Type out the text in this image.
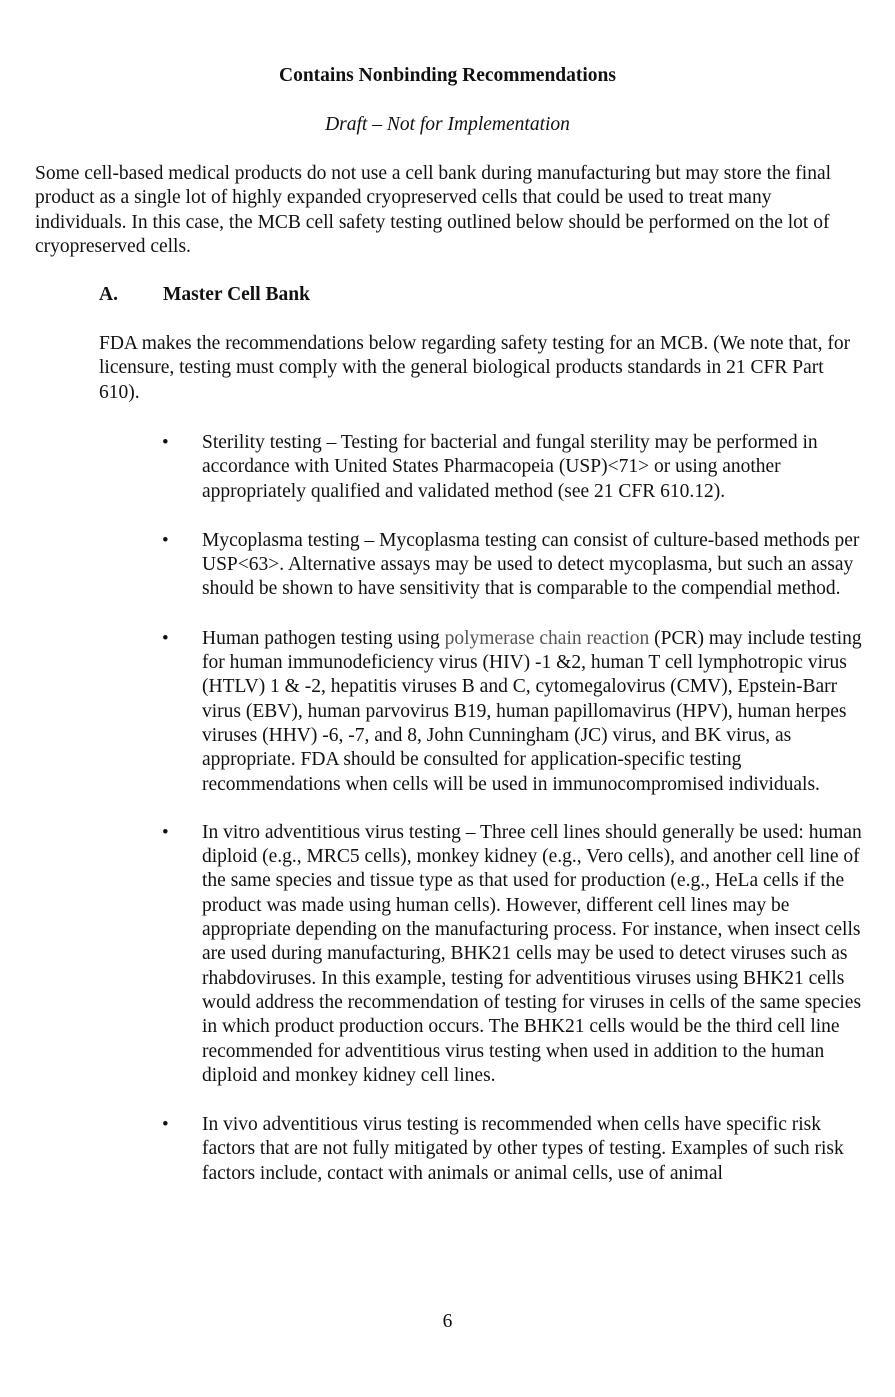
Contains Nonbinding Recommendations
Draft – Not for Implementation

Some cell-based medical products do not use a cell bank during manufacturing but may store the final product as a single lot of highly expanded cryopreserved cells that could be used to treat many individuals. In this case, the MCB cell safety testing outlined below should be performed on the lot of cryopreserved cells.

A. Master Cell Bank

FDA makes the recommendations below regarding safety testing for an MCB. (We note that, for licensure, testing must comply with the general biological products standards in 21 CFR Part 610).

• Sterility testing – Testing for bacterial and fungal sterility may be performed in accordance with United States Pharmacopeia (USP)<71> or using another appropriately qualified and validated method (see 21 CFR 610.12).
• Mycoplasma testing – Mycoplasma testing can consist of culture-based methods per USP<63>. Alternative assays may be used to detect mycoplasma, but such an assay should be shown to have sensitivity that is comparable to the compendial method.
• Human pathogen testing using polymerase chain reaction (PCR) may include testing for human immunodeficiency virus (HIV) -1 &2, human T cell lymphotropic virus (HTLV) 1 & -2, hepatitis viruses B and C, cytomegalovirus (CMV), Epstein-Barr virus (EBV), human parvovirus B19, human papillomavirus (HPV), human herpes viruses (HHV) -6, -7, and 8, John Cunningham (JC) virus, and BK virus, as appropriate. FDA should be consulted for application-specific testing recommendations when cells will be used in immunocompromised individuals.
• In vitro adventitious virus testing – Three cell lines should generally be used: human diploid (e.g., MRC5 cells), monkey kidney (e.g., Vero cells), and another cell line of the same species and tissue type as that used for production (e.g., HeLa cells if the product was made using human cells). However, different cell lines may be appropriate depending on the manufacturing process. For instance, when insect cells are used during manufacturing, BHK21 cells may be used to detect viruses such as rhabdoviruses. In this example, testing for adventitious viruses using BHK21 cells would address the recommendation of testing for viruses in cells of the same species in which product production occurs. The BHK21 cells would be the third cell line recommended for adventitious virus testing when used in addition to the human diploid and monkey kidney cell lines.
• In vivo adventitious virus testing is recommended when cells have specific risk factors that are not fully mitigated by other types of testing. Examples of such risk factors include, contact with animals or animal cells, use of animal
6
